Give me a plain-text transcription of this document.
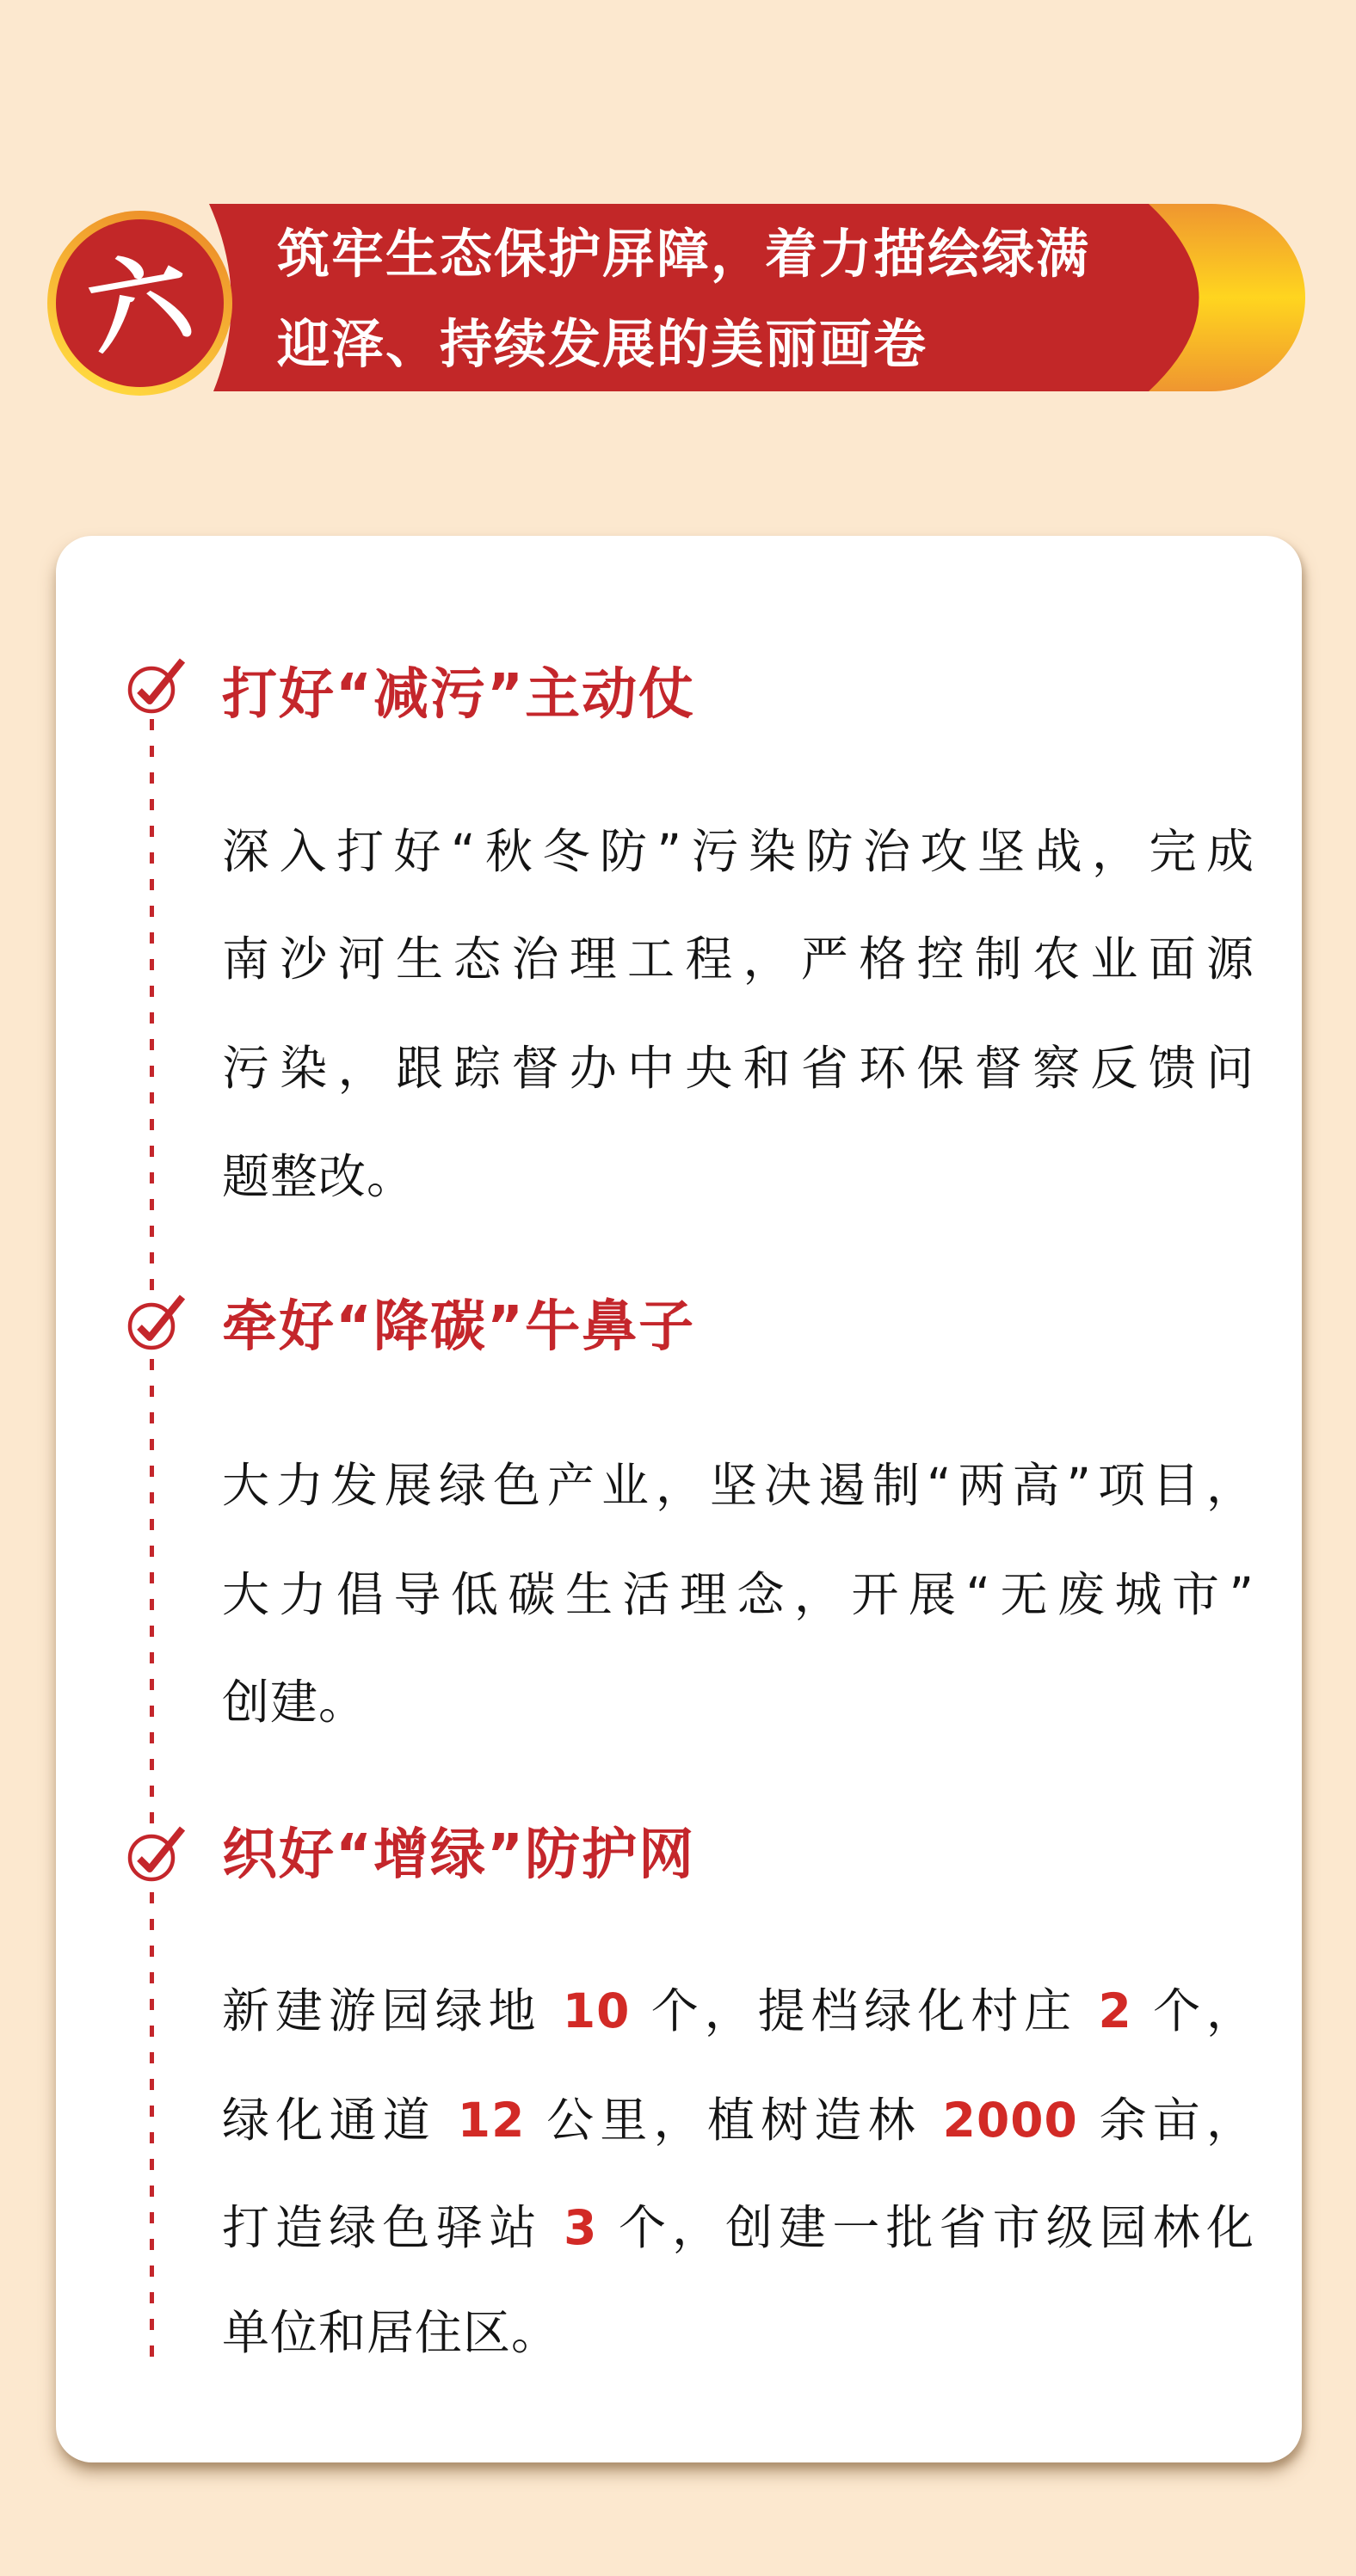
筑牢生态保护屏障，着力描绘绿满
迎泽、持续发展的美丽画卷
六
打好“减污”主动仗
深入打好“秋冬防”污染防治攻坚战，完成
南沙河生态治理工程，严格控制农业面源
污染，跟踪督办中央和省环保督察反馈问
题整改。
牵好“降碳”牛鼻子
大力发展绿色产业，坚决遏制“两高”项目，
大力倡导低碳生活理念，开展“无废城市”
创建。
织好“增绿”防护网
新建游园绿地 10 个，提档绿化村庄 2 个，
绿化通道 12 公里，植树造林 2000 余亩，
打造绿色驿站 3 个，创建一批省市级园林化
单位和居住区。
